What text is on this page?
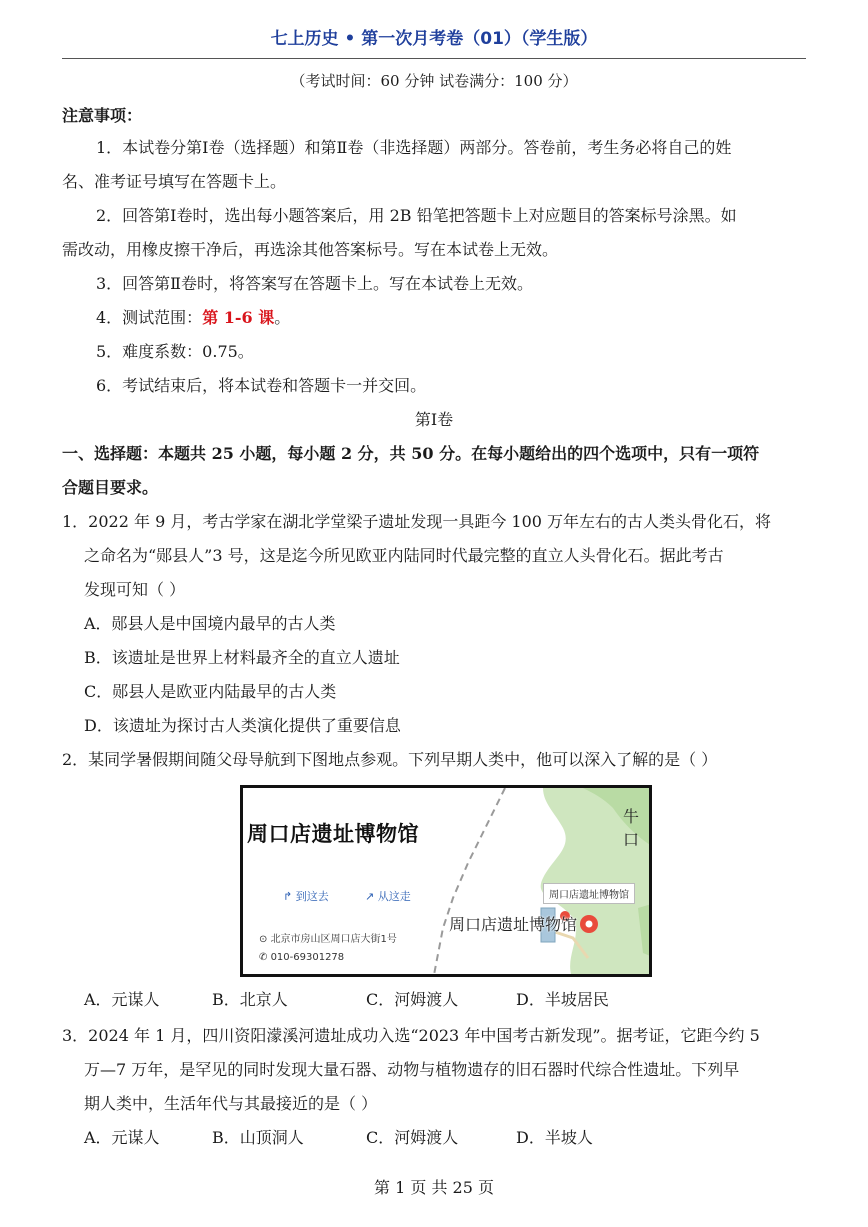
七上历史 • 第一次月考卷（01）（学生版）
（考试时间：60 分钟 试卷满分：100 分）
注意事项：
1．本试卷分第Ⅰ卷（选择题）和第Ⅱ卷（非选择题）两部分。答卷前，考生务必将自己的姓
名、准考证号填写在答题卡上。
2．回答第Ⅰ卷时，选出每小题答案后，用 2B 铅笔把答题卡上对应题目的答案标号涂黑。如
需改动，用橡皮擦干净后，再选涂其他答案标号。写在本试卷上无效。
3．回答第Ⅱ卷时，将答案写在答题卡上。写在本试卷上无效。
4．测试范围：第 1-6 课。
5．难度系数：0.75。
6．考试结束后，将本试卷和答题卡一并交回。
第Ⅰ卷
一、选择题：本题共 25 小题，每小题 2 分，共 50 分。在每小题给出的四个选项中，只有一项符
合题目要求。
1．2022 年 9 月，考古学家在湖北学堂梁子遗址发现一具距今 100 万年左右的古人类头骨化石，将
之命名为“郧县人”3 号，这是迄今所见欧亚内陆同时代最完整的直立人头骨化石。据此考古
发现可知（ ）
A．郧县人是中国境内最早的古人类
B．该遗址是世界上材料最齐全的直立人遗址
C．郧县人是欧亚内陆最早的古人类
D．该遗址为探讨古人类演化提供了重要信息
2．某同学暑假期间随父母导航到下图地点参观。下列早期人类中，他可以深入了解的是（ ）
牛口
周口店遗址博物馆
↱ 到这去	↗ 从这走
⊙ 北京市房山区周口店大街1号
✆ 010-69301278
周口店遗址博物馆
周口店遗址博物馆
A．元谋人	B．北京人	C．河姆渡人	D．半坡居民
3．2024 年 1 月，四川资阳濛溪河遗址成功入选“2023 年中国考古新发现”。据考证，它距今约 5
万—7 万年，是罕见的同时发现大量石器、动物与植物遗存的旧石器时代综合性遗址。下列早
期人类中，生活年代与其最接近的是（ ）
A．元谋人	B．山顶洞人	C．河姆渡人	D．半坡人
第 1 页 共 25 页
